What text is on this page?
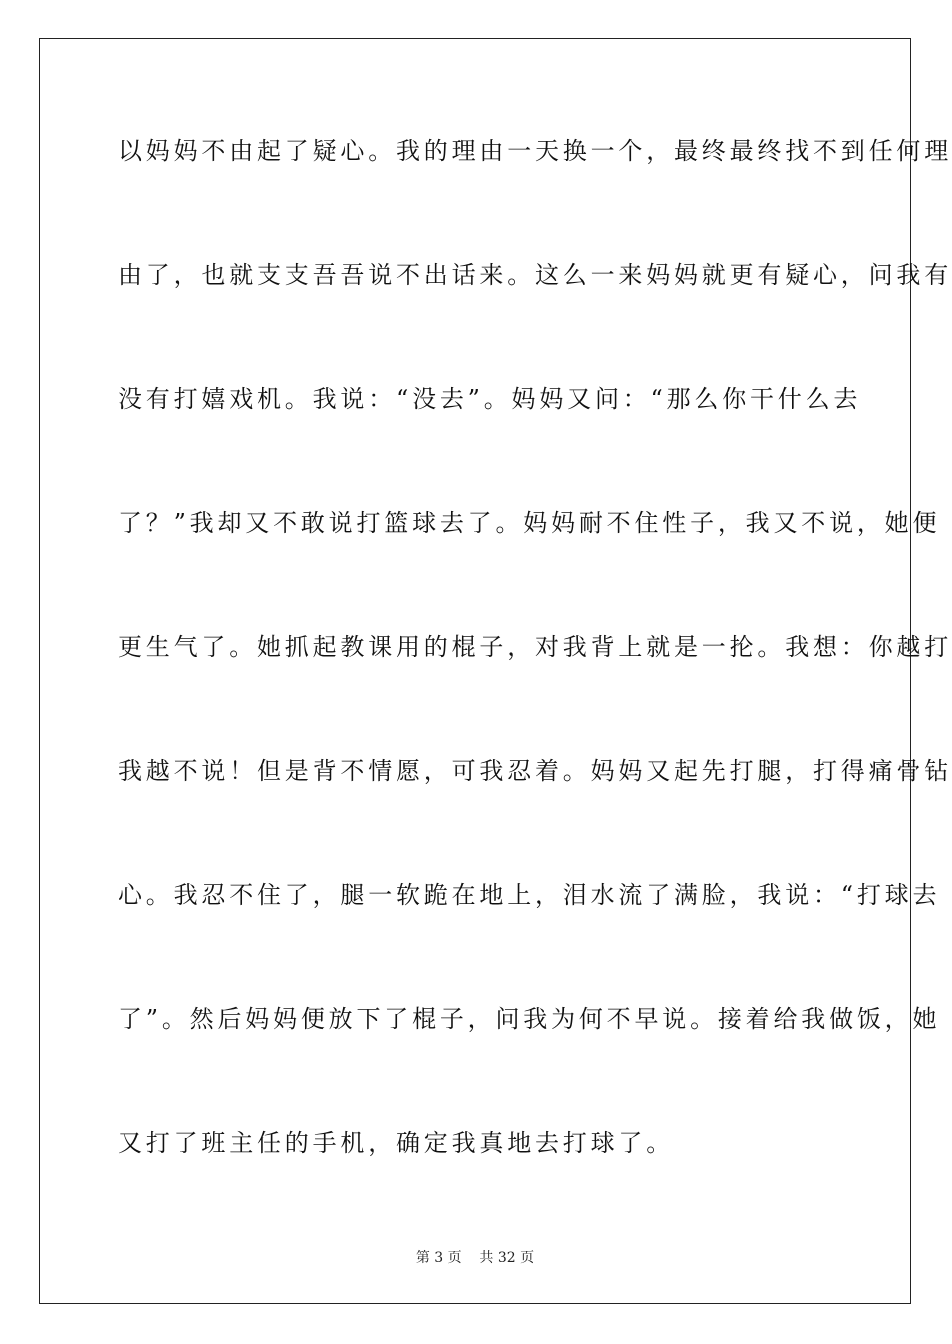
以妈妈不由起了疑心。我的理由一天换一个，最终最终找不到任何理
由了，也就支支吾吾说不出话来。这么一来妈妈就更有疑心，问我有
没有打嬉戏机。我说：“没去”。妈妈又问：“那么你干什么去
了？”我却又不敢说打篮球去了。妈妈耐不住性子，我又不说，她便
更生气了。她抓起教课用的棍子，对我背上就是一抡。我想：你越打
我越不说！但是背不情愿，可我忍着。妈妈又起先打腿，打得痛骨钻
心。我忍不住了，腿一软跪在地上，泪水流了满脸，我说：“打球去
了”。然后妈妈便放下了棍子，问我为何不早说。接着给我做饭，她
又打了班主任的手机，确定我真地去打球了。
第 3 页    共 32 页
